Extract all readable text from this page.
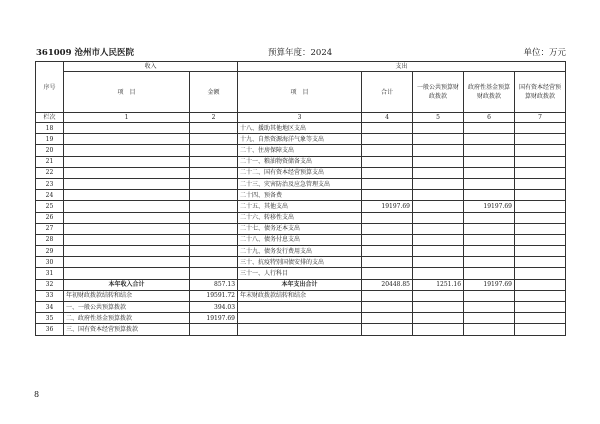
361009 沧州市人民医院	预算年度：2024	单位：万元
序号	收入		支出				
	项　目	金额	项　目	合计	一般公共预算财政拨款	政府性基金预算财政拨款	国有资本经营预算财政拨款
栏次	1	2	3	4	5	6	7
18			十八、援助其他地区支出				
19			十九、自然资源海洋气象等支出				
20			二十、住房保障支出				
21			二十一、粮油物资储备支出				
22			二十二、国有资本经营预算支出				
23			二十三、灾害防治及应急管理支出				
24			二十四、预备费				
25			二十五、其他支出	19197.69		19197.69	
26			二十六、转移性支出				
27			二十七、债务还本支出				
28			二十八、债务付息支出				
29			二十九、债务发行费用支出				
30			三十、抗疫特别国债安排的支出				
31			三十一、人行科目				
32	本年收入合计	857.13	本年支出合计	20448.85	1251.16	19197.69	
33	年初财政拨款结转和结余	19591.72	年末财政拨款结转和结余				
34	一、一般公共预算拨款	394.03					
35	二、政府性基金预算拨款	19197.69					
36	三、国有资本经营预算拨款						
8
